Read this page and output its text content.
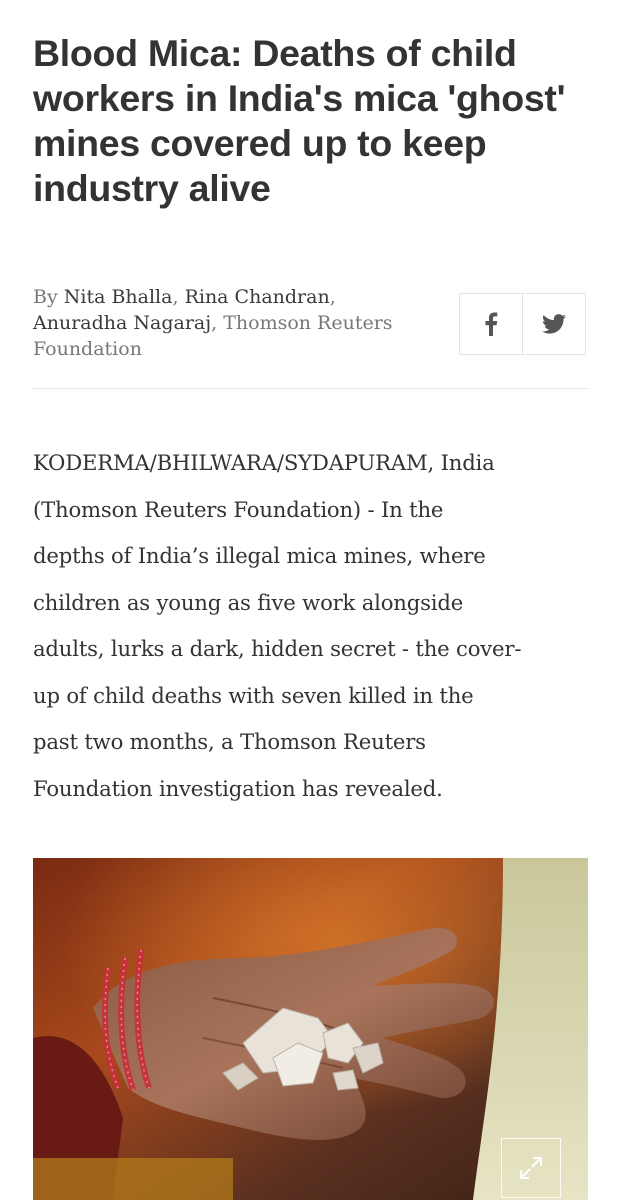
Blood Mica: Deaths of child workers in India's mica 'ghost' mines covered up to keep industry alive
By Nita Bhalla, Rina Chandran, Anuradha Nagaraj, Thomson Reuters Foundation

KODERMA/BHILWARA/SYDAPURAM, India
(Thomson Reuters Foundation) - In the
depths of India’s illegal mica mines, where
children as young as five work alongside
adults, lurks a dark, hidden secret - the cover-
up of child deaths with seven killed in the
past two months, a Thomson Reuters
Foundation investigation has revealed.
